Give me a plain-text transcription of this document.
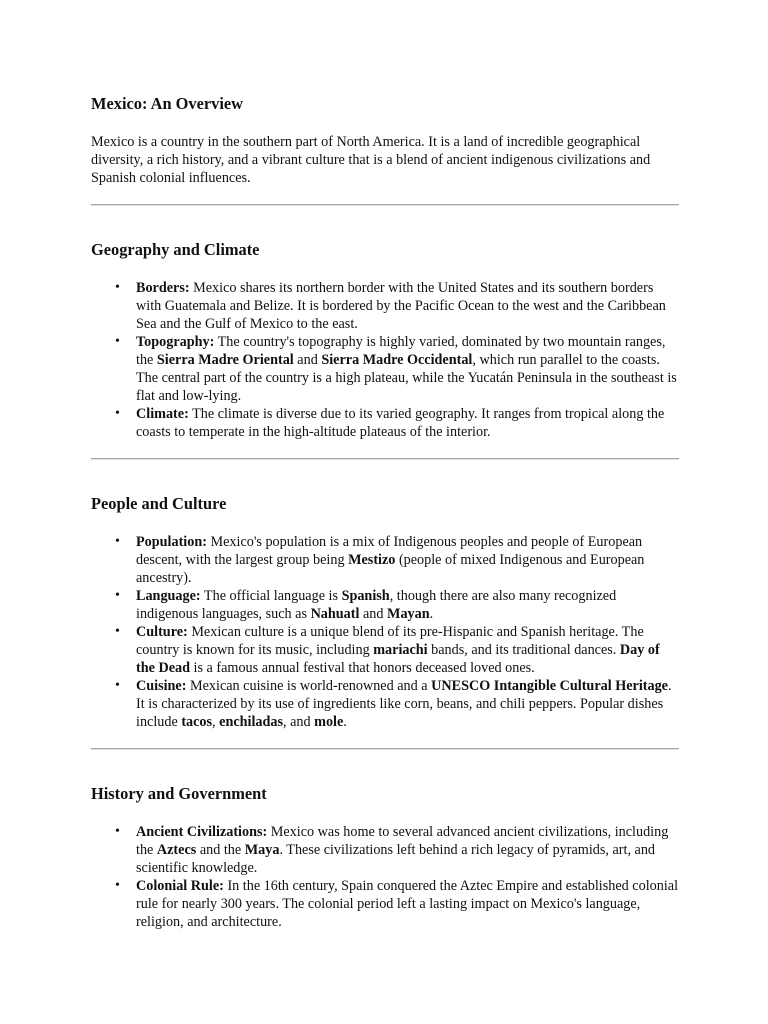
Mexico: An Overview

Mexico is a country in the southern part of North America. It is a land of incredible geographical diversity, a rich history, and a vibrant culture that is a blend of ancient indigenous civilizations and Spanish colonial influences.

Geography and Climate
• Borders: Mexico shares its northern border with the United States and its southern borders with Guatemala and Belize. It is bordered by the Pacific Ocean to the west and the Caribbean Sea and the Gulf of Mexico to the east.
• Topography: The country's topography is highly varied, dominated by two mountain ranges, the Sierra Madre Oriental and Sierra Madre Occidental, which run parallel to the coasts. The central part of the country is a high plateau, while the Yucatán Peninsula in the southeast is flat and low-lying.
• Climate: The climate is diverse due to its varied geography. It ranges from tropical along the coasts to temperate in the high-altitude plateaus of the interior.
People and Culture
• Population: Mexico's population is a mix of Indigenous peoples and people of European descent, with the largest group being Mestizo (people of mixed Indigenous and European ancestry).
• Language: The official language is Spanish, though there are also many recognized indigenous languages, such as Nahuatl and Mayan.
• Culture: Mexican culture is a unique blend of its pre-Hispanic and Spanish heritage. The country is known for its music, including mariachi bands, and its traditional dances. Day of the Dead is a famous annual festival that honors deceased loved ones.
• Cuisine: Mexican cuisine is world-renowned and a UNESCO Intangible Cultural Heritage. It is characterized by its use of ingredients like corn, beans, and chili peppers. Popular dishes include tacos, enchiladas, and mole.
History and Government
• Ancient Civilizations: Mexico was home to several advanced ancient civilizations, including the Aztecs and the Maya. These civilizations left behind a rich legacy of pyramids, art, and scientific knowledge.
• Colonial Rule: In the 16th century, Spain conquered the Aztec Empire and established colonial rule for nearly 300 years. The colonial period left a lasting impact on Mexico's language, religion, and architecture.
